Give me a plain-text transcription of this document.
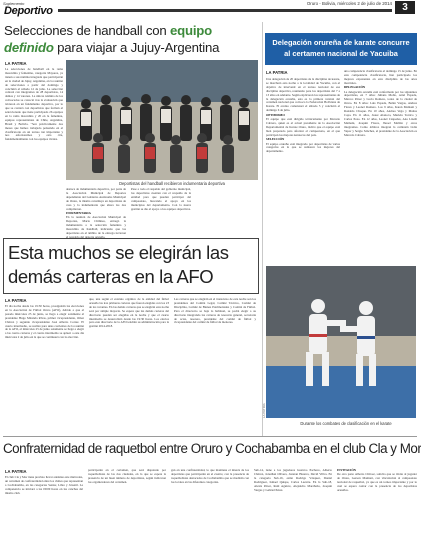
Suplemento
Deportivo
Oruro - Bolivia, miércoles 2 de julio de 2014	3
Selecciones de handball con equipo
definido para viajar a Jujuy-Argentina
LA PATRIA
La selecciones de handball en la rama masculina y femenina, categoría Mayores, ya tienen a sus nómina integrada que participarán en la ciudad de Jujuy, Argentina, en la reunión de selecciones a partir del domingo y concluirá el sábado 12 de julio. La selección contará con integrantes de 28 deportistas, 14 damas y 14 varones. La únicas nómina de los convocados se conoció tras la evaluación que tuvieron en un fundamento deportivo, por lo que se contará con deportistas que forman el seleccionado que tiene participado 26 equipos en la rama masculina y 20 en la femenina, equipos representantes de Chile, Argentina, Brasil y Bolivia. "Son prácticamente dos meses que hemos trabajado pensando en el clasificatorio en un torneo tan importante y nos esforzaremos y esta cita, fundamentalmente con los equipos rivales.
Deportistas del handball recibieron indumentaria deportiva

destaca de indumentaria deportiva, por parte de la Asociación Municipal de Deportes dependiente del Gobierno Autónomo Municipal de Oruro, la misma constituye en deportistas de casa y la indumentaria que ahora los dos compitieron.

INDUMENTARIA

En la reunión de Asociación Municipal de Deportes, María Chilinea, entregó la indumentaria a la selección femenina y masculina de handball, indicando que las deportistas en el ámbito de la entrega tuvieron el respaldo del deporte orureño.

Pese a todo el respaldo del gobierno municipal, los deportistas cuentan con el respaldo de la entidad para que puedan participar del campeonato, buscando el apoyo en los municipios del departamento. Con la nueva gestión se dio el apoyo a los equipos deportivos.
Esta muchos se elegirán las
demás carteras en la AFO
LA PATRIA
El día noche desde las 19:30 horas, prosiguirán las elecciones en la Asociación de Fútbol Oruro (AFO), debido a que el pasado miércoles 25 de junio, se llegó a elegir solamente al presidente Hugo Miranda Rivas, primer vicepresidente, Omar Chávez y segundo vicepresidente José Alberto Cortez. El cuarto intermedio, se realizó para unas corrientes de la reunión de la AFO, el miércoles 25 de junio solamente se llegó a elegir a las cuatro carteras y el cuarto intermedio se aplazó a este día miércoles 2 de julio en la que se continuará con la elección.
que, una según el estatuto orgánico de la entidad del fútbol orureño las tres primeras carteras que fueron elegidas con los 23 de los votantes. En las demás carteras que se elegirán esta noche será por simple mayoría. Se espera que las demás carteras del directorio puedan ser elegidas en la noche y que el cuarto intermedio se desarrollará desde las 19:30 horas. Los electos para este directorio de la AFO tendrán su administración para la gestión 2014-2018.
Las carteras que se elegirán en el transcurso de esta noche son los presidentes del Comité Legal, Comité Técnico, Comité de Disciplina, Comité de Bienes Patrimoniales y Comité de Fútbol. Para el directorio se baja lo habitual, se podrá elegir a su directorio integrando las carteras de tesorería general, secretaría de actas, tesorero, presidente del comité de fútbol y vicepresidente del comité de fútbol de menores.
Delegación orureña de karate concurre
al certamen nacional de Yacuiba
LA PATRIA

Una delegación de 20 deportistas de la disciplina de karate, se marchará esta noche a la localidad de Yacuiba, con el objetivo de intervenir en el torneo nacional de esa disciplina deportiva, reuniendo para los deportistas del 7 a 13 años en adelante. Según explicaron los representantes de la delegación orureña, esta es la primera versión del certamen nacional que convoca la Federación Boliviana de Karate. El evento comenzará el sábado 5 y concluirá el domingo 6 de julio.

OPTIMISMO

El equipo que está dirigido técnicamente por Marcelo Cabrera, quien es el actual presidente de la Asociación Departamental de Karate Oruro, indicó que el equipo está bien preparado para afrontar el campeonato, en el que participan los mejores karatecas del país.

SELECCIÓN

El equipo orureño está integrado por deportistas de varias categorías en la que se sumaron los mejores del departamento.

una competencia clasificatoria el domingo 15 de junio. En esta competencia clasificatoria, han participado los mejores exponentes en esta disciplina de las artes marciales.

DELEGACIÓN

La delegación orureña está conformada por los siguientes deportistas, en 7 años: Juliana Mollo, Ariel Espada, Marcos Pérez y Lucía Romero, todos de la ciudad de Oruro. En 8 años: Luis Espada, Belén Vargas, Andrea Flores y Leonel Romero. Los 9 años, Karen Mamani y Ronaldo Choque. En 10 años, Andrea Vega y Matías Copa. En 11 años, Josué Alanoca, Mariela Torrico y Carlos Pozo. En 12 años, Leonel Céspedes, Ana Lizeth Mamani, Joaquín Flores, Jhosel Mallón y otros integrantes. Como árbitros integran la comisión Lidia Vapor y Sergio Sánchez, el presidente de la Asociación es Marcelo Cabrera.

Durante los combates de clasificación en el karate
LA PATRIA
Confraternidad de raquetbol entre Oruro y Cochabamba en el club Cla y Mor
LA PATRIA
El club Cla y Mor tiene previsto llevar adelante este miércoles, un certamen de confraternidad entre los clubes que representan a Cochabamba, en las categorías Senior, Libre y Juvenil. La competencia se iniciará a las 09:00 horas en las canchas del mismo club.
participarán en el certamen, que será disputado por raquetbolistas de las dos ciudades, en la que se espera la presencia de un buen número de deportistas, según indicaron los organizadores del certamen.
gan en una confraternidad, lo que mantiene el interés de los deportistas que participarán en el evento; con la presencia de raquetbolistas destacados de Cochabamba que se medirán con los locales en las diferentes categorías.
Sub-14, tiene a los jugadores Gustavo Pacheco, Alberto Chávez, Jonathan Olivera, Jonatan Huanca, David Villca. En la categoría Sub-16, están Rodrigo Vásquez, Daniel Rodríguez, Ismael Quispe, Carlos Lazarte. En la Sub-18, Alexis Pérez, Raúl Aguirre, Alejandro Marzhaba, Joaquín Vargas y Gabriel Pérez.

INVITACIÓN

De otra parte Alberto Chávez, solicita que se invite al jugador de Oruro, Gerson Mamani, con vinculación al campeonato nacional de raquetbol, ya que es un torneo importante y por lo cual se espera contar con la presencia de los deportistas orureños.
